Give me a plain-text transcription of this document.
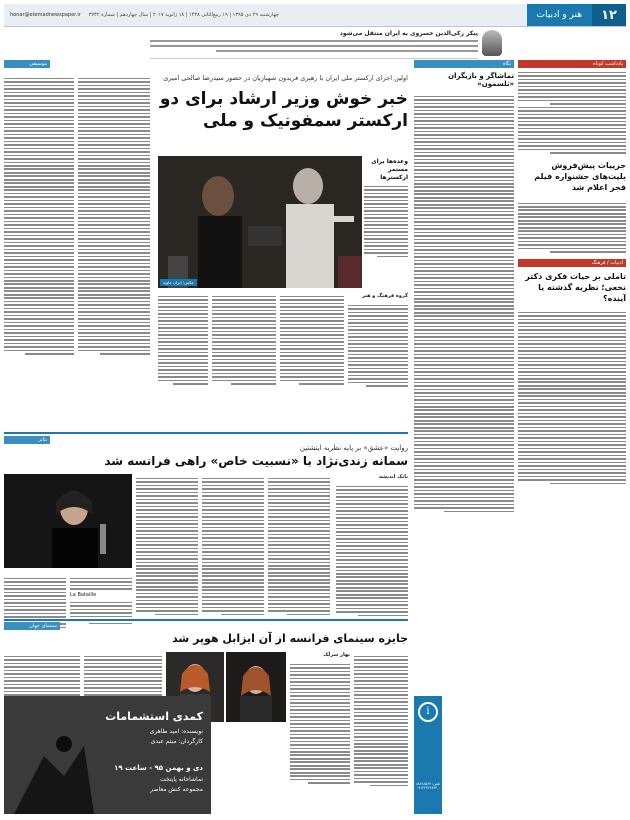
۱۲
هنر و ادبیات
چهارشنبه ۲۹ دی ۱۳۹۵ | ۱۹ ربیع‌الثانی ۱۴۳۸ | ۱۸ ژانویه ۲۰۱۷ | سال چهاردهم | شماره ۳۷۳۲
honar@etemadnewspaper.ir
پیکر زکی‌الدین خسروی به ایران منتقل می‌شود
یادداشت کوتاه
جزییات پیش‌فروش بلیت‌های جشنواره فیلم فجر اعلام شد
ادبیات / فرهنگ
تاملی بر حیات فکری دکتر نخعی؛ نظریه گذشته یا آینده؟
نگاه
تماشاگر و بازیگران «تلسمون»
موسیقی
اولین اجرای ارکستر ملی ایران با رهبری فریدون شهبازیان در حضور سیدرضا صالحی امیری
خبر خوش وزیر ارشاد برای دو ارکستر سمفونیک و ملی
وعده‌ها برای مستمر ارکسترها
عکس: ایران جاوید
گروه فرهنگ و هنر
تئاتر
روایت «عشق» بر پایه نظریه اینشتین
سمانه زندی‌نژاد با «نسبیت خاص» راهی فرانسه شد
La Bataille
بانک اندیشه
سینمای جهان
جایزه سینمای فرانسه از آن ایزابل هوپر شد
بهار سرلک
کمدی استشمامات
نویسنده: امید طاهری
کارگردان: میثم عبدی
دی و بهمن ۹۵ - ساعت ۱۹
تماشاخانه پایتخت
مجموعه کنش معاصر
i
تلفن: ۸۸۶۸۸۵۶۴ - ۰۹۱۲۲۴۶۲۸۴۳
